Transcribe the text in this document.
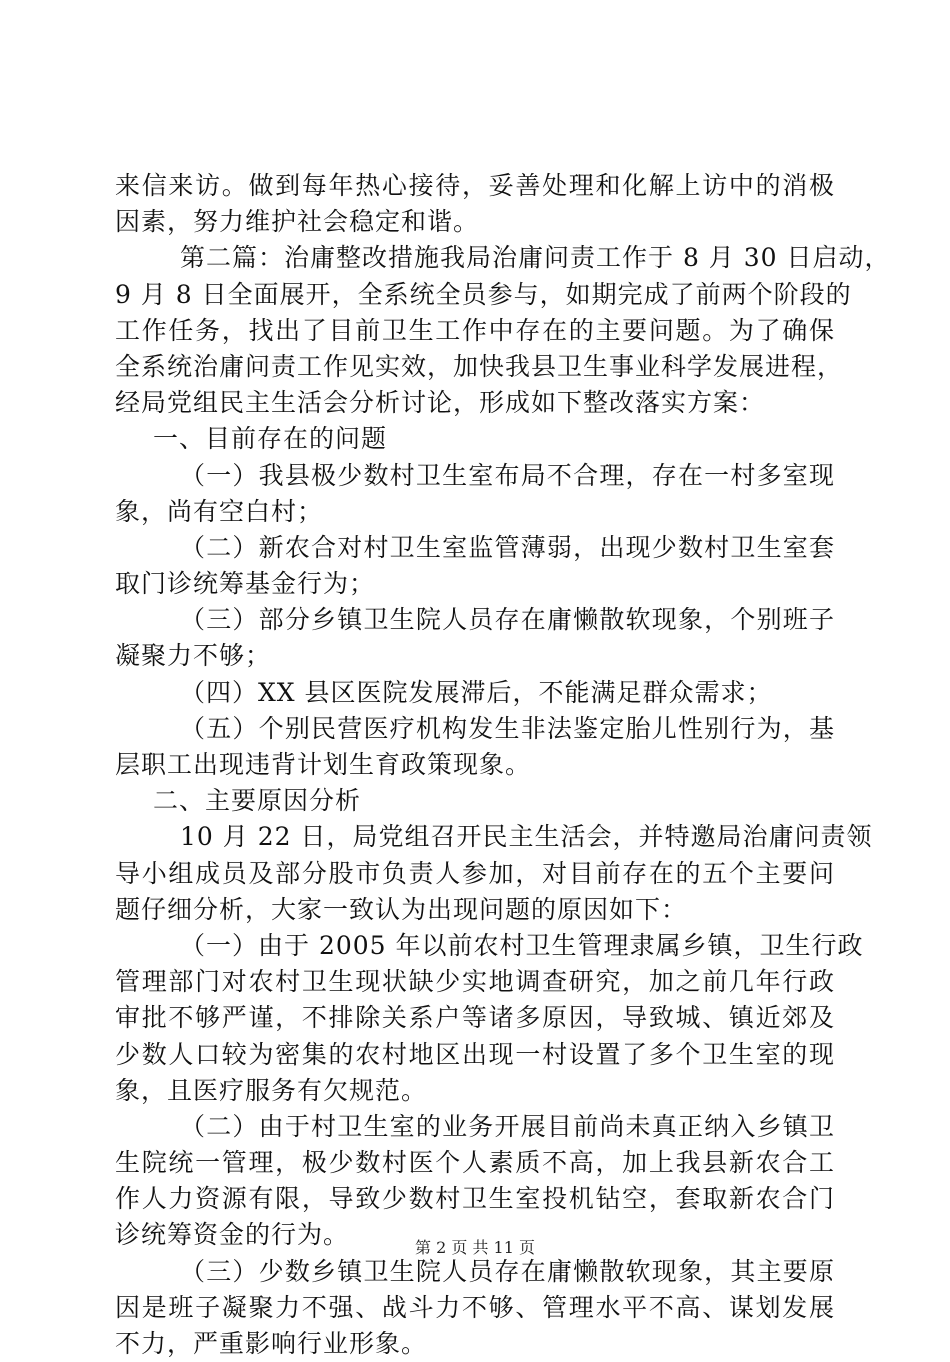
来信来访。做到每年热心接待，妥善处理和化解上访中的消极
因素，努力维护社会稳定和谐。
第二篇：治庸整改措施我局治庸问责工作于 8 月 30 日启动，
9 月 8 日全面展开，全系统全员参与，如期完成了前两个阶段的
工作任务，找出了目前卫生工作中存在的主要问题。为了确保
全系统治庸问责工作见实效，加快我县卫生事业科学发展进程，
经局党组民主生活会分析讨论，形成如下整改落实方案：
一、目前存在的问题
（一）我县极少数村卫生室布局不合理，存在一村多室现
象，尚有空白村；
（二）新农合对村卫生室监管薄弱，出现少数村卫生室套
取门诊统筹基金行为；
（三）部分乡镇卫生院人员存在庸懒散软现象，个别班子
凝聚力不够；
（四）XX 县区医院发展滞后，不能满足群众需求；
（五）个别民营医疗机构发生非法鉴定胎儿性别行为，基
层职工出现违背计划生育政策现象。
二、主要原因分析
10 月 22 日，局党组召开民主生活会，并特邀局治庸问责领
导小组成员及部分股市负责人参加，对目前存在的五个主要问
题仔细分析，大家一致认为出现问题的原因如下：
（一）由于 2005 年以前农村卫生管理隶属乡镇，卫生行政
管理部门对农村卫生现状缺少实地调查研究，加之前几年行政
审批不够严谨，不排除关系户等诸多原因，导致城、镇近郊及
少数人口较为密集的农村地区出现一村设置了多个卫生室的现
象，且医疗服务有欠规范。
（二）由于村卫生室的业务开展目前尚未真正纳入乡镇卫
生院统一管理，极少数村医个人素质不高，加上我县新农合工
作人力资源有限，导致少数村卫生室投机钻空，套取新农合门
诊统筹资金的行为。
（三）少数乡镇卫生院人员存在庸懒散软现象，其主要原
因是班子凝聚力不强、战斗力不够、管理水平不高、谋划发展
不力，严重影响行业形象。
第 2 页 共 11 页
